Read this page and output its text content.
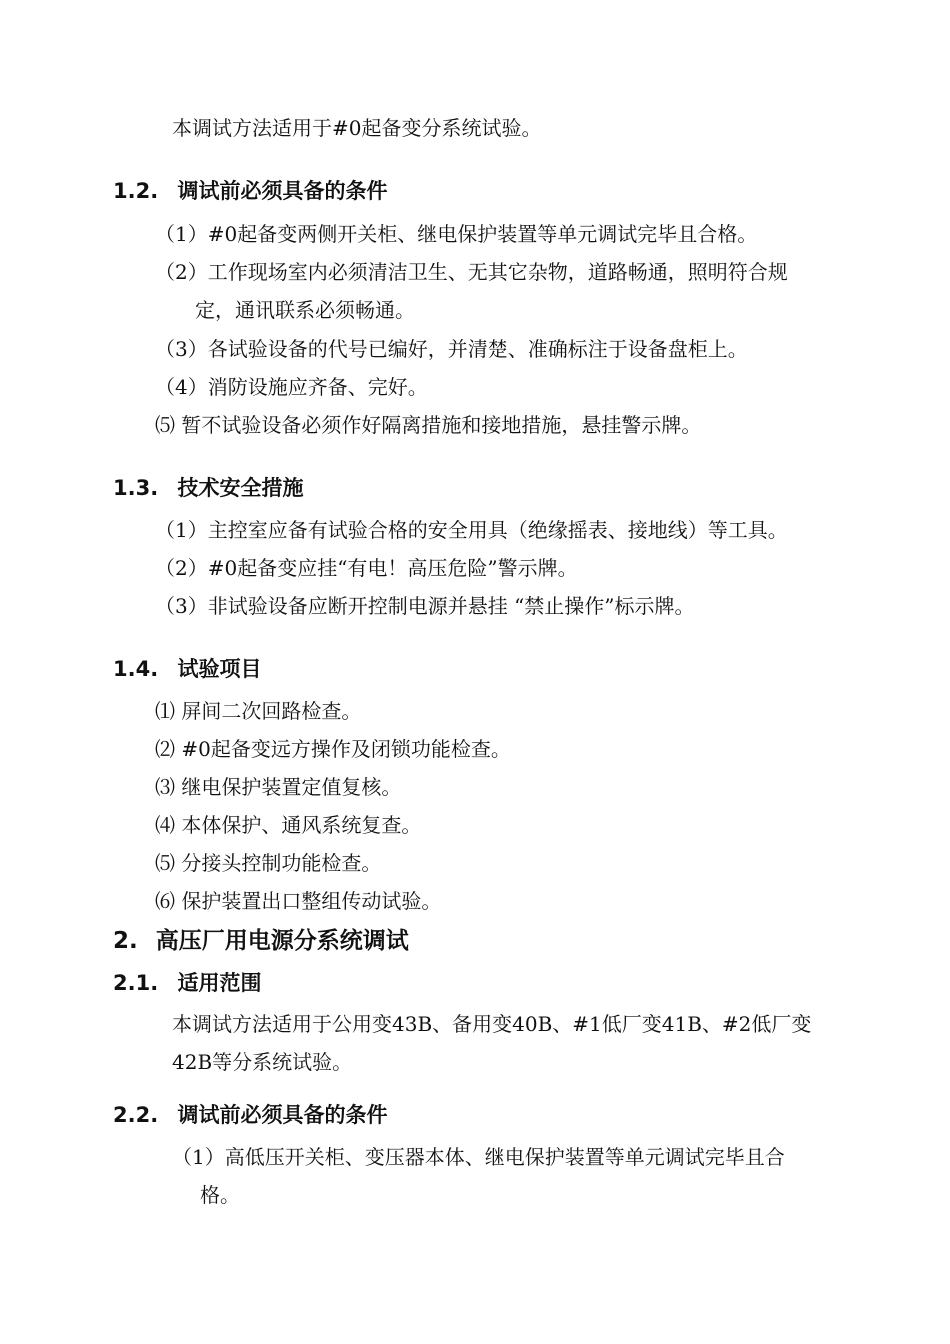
本调试方法适用于#0起备变分系统试验。
1.2. 调试前必须具备的条件
（1）#0起备变两侧开关柜、继电保护装置等单元调试完毕且合格。
（2）工作现场室内必须清洁卫生、无其它杂物，道路畅通，照明符合规
定，通讯联系必须畅通。
（3）各试验设备的代号已编好，并清楚、准确标注于设备盘柜上。
（4）消防设施应齐备、完好。
⑸ 暂不试验设备必须作好隔离措施和接地措施，悬挂警示牌。
1.3. 技术安全措施
（1）主控室应备有试验合格的安全用具（绝缘摇表、接地线）等工具。
（2）#0起备变应挂“有电！高压危险”警示牌。
（3）非试验设备应断开控制电源并悬挂 “禁止操作”标示牌。
1.4. 试验项目
⑴ 屏间二次回路检查。
⑵ #0起备变远方操作及闭锁功能检查。
⑶ 继电保护装置定值复核。
⑷ 本体保护、通风系统复查。
⑸ 分接头控制功能检查。
⑹ 保护装置出口整组传动试验。
2. 高压厂用电源分系统调试
2.1. 适用范围
本调试方法适用于公用变43B、备用变40B、#1低厂变41B、#2低厂变
42B等分系统试验。
2.2. 调试前必须具备的条件
（1）高低压开关柜、变压器本体、继电保护装置等单元调试完毕且合
格。
